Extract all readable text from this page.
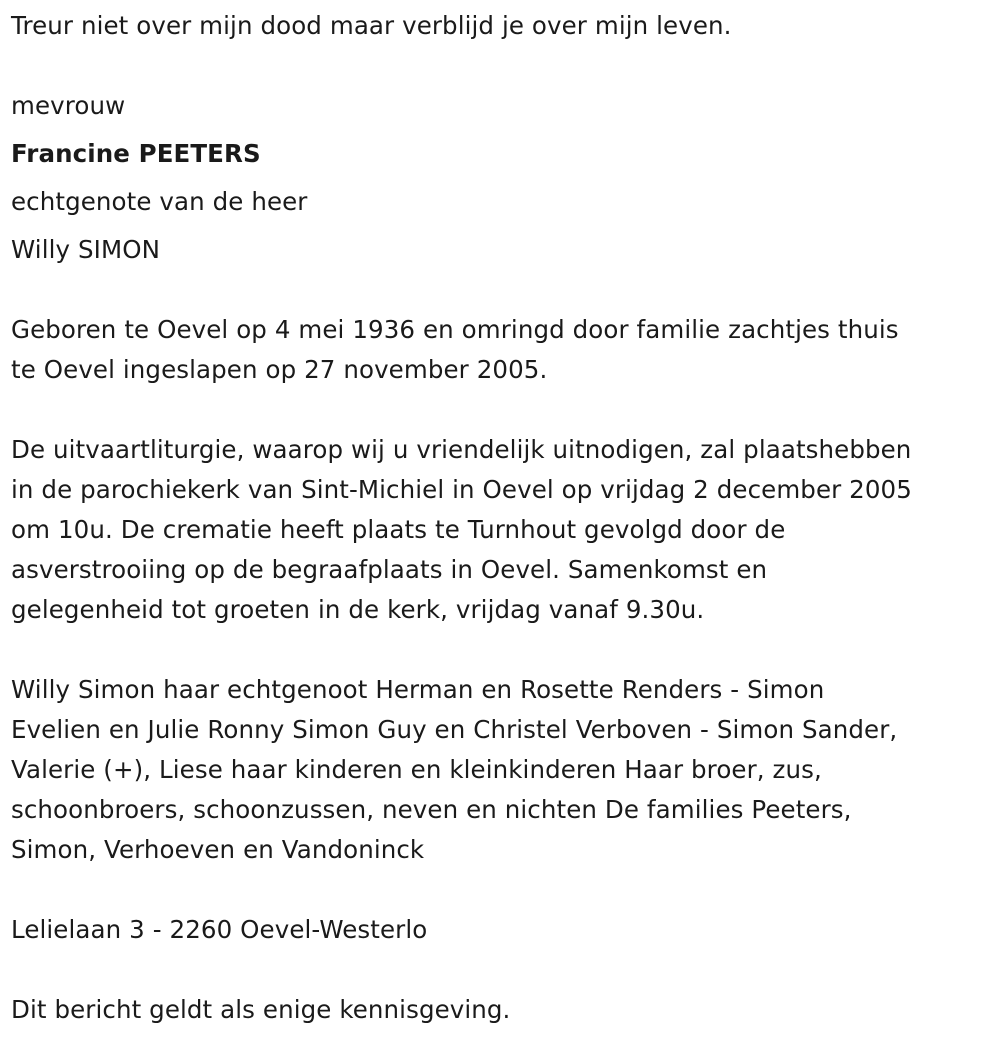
Treur niet over mijn dood maar verblijd je over mijn leven.
mevrouw
Francine PEETERS
echtgenote van de heer
Willy SIMON
Geboren te Oevel op 4 mei 1936 en omringd door familie zachtjes thuis
te Oevel ingeslapen op 27 november 2005.
De uitvaartliturgie, waarop wij u vriendelijk uitnodigen, zal plaatshebben
in de parochiekerk van Sint-Michiel in Oevel op vrijdag 2 december 2005
om 10u. De crematie heeft plaats te Turnhout gevolgd door de
asverstrooiing op de begraafplaats in Oevel. Samenkomst en
gelegenheid tot groeten in de kerk, vrijdag vanaf 9.30u.
Willy Simon haar echtgenoot Herman en Rosette Renders - Simon
Evelien en Julie Ronny Simon Guy en Christel Verboven - Simon Sander,
Valerie (+), Liese haar kinderen en kleinkinderen Haar broer, zus,
schoonbroers, schoonzussen, neven en nichten De families Peeters,
Simon, Verhoeven en Vandoninck
Lelielaan 3 - 2260 Oevel-Westerlo
Dit bericht geldt als enige kennisgeving.
